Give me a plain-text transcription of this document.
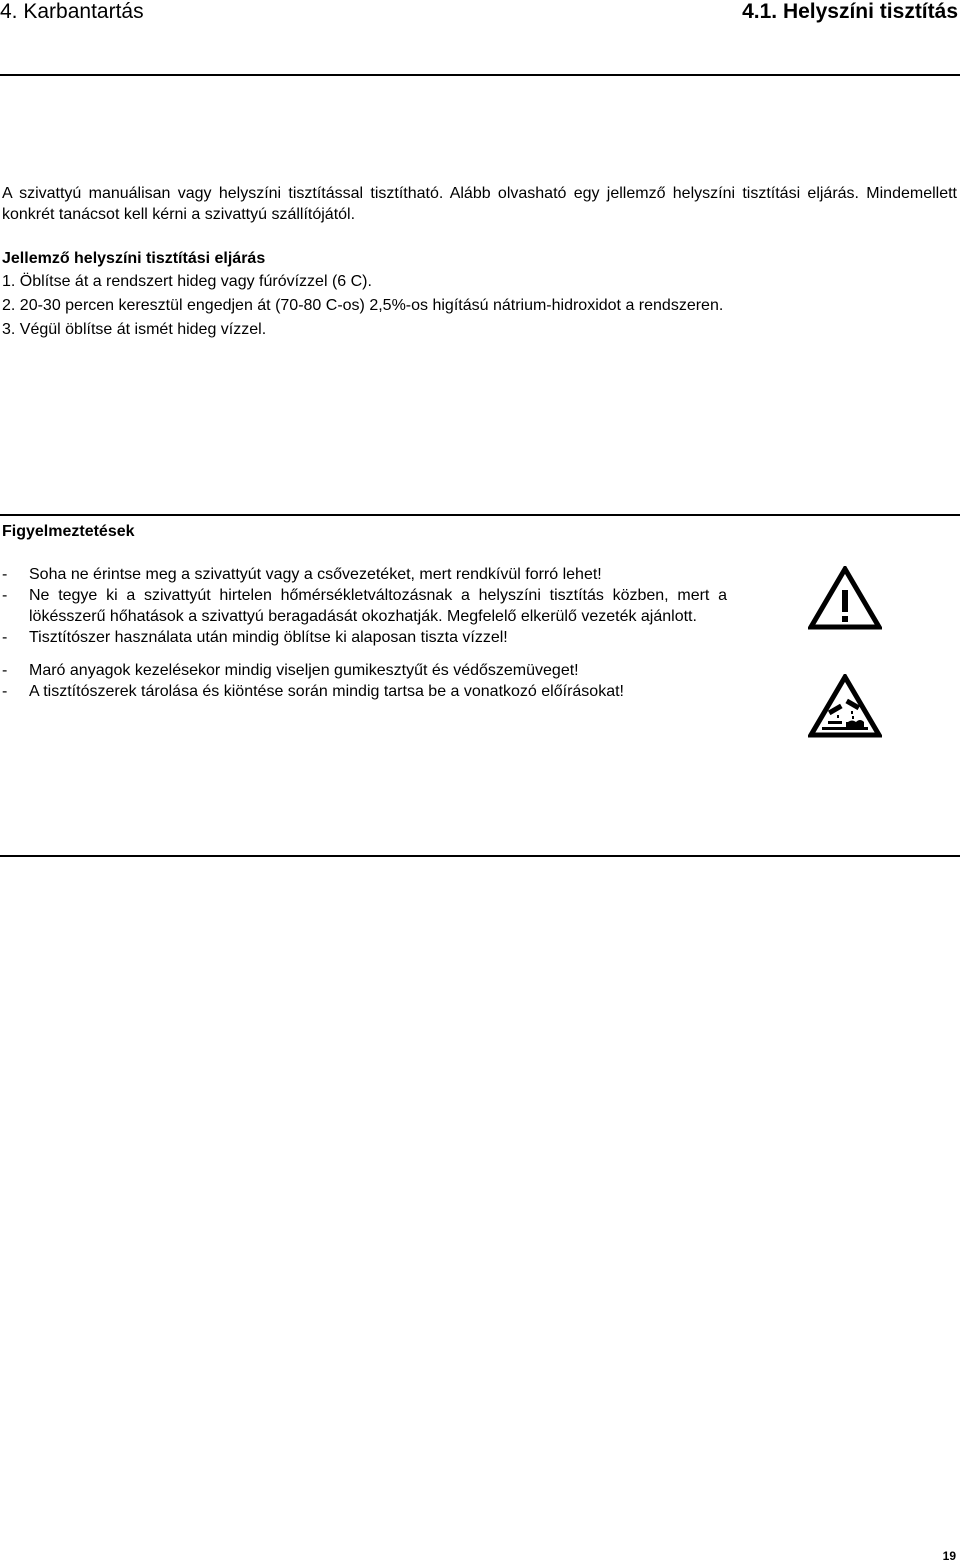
4. Karbantartás	4.1. Helyszíni tisztítás

A szivattyú manuálisan vagy helyszíni tisztítással tisztítható. Alább olvasható egy jellemző helyszíni tisztítási eljárás. Mindemellett konkrét tanácsot kell kérni a szivattyú szállítójától.

Jellemző helyszíni tisztítási eljárás

1. Öblítse át a rendszert hideg vagy fúróvízzel (6 C).
2. 20-30 percen keresztül engedjen át (70-80 C-os) 2,5%-os higítású nátrium-hidroxidot a rendszeren.
3. Végül öblítse át ismét hideg vízzel.

Figyelmeztetések

- Soha ne érintse meg a szivattyút vagy a csővezetéket, mert rendkívül forró lehet!
- Ne tegye ki a szivattyút hirtelen hőmérsékletváltozásnak a helyszíni tisztítás közben, mert a lökésszerű hőhatások a szivattyú beragadását okozhatják. Megfelelő elkerülő vezeték ajánlott.
- Tisztítószer használata után mindig öblítse ki alaposan tiszta vízzel!
- Maró anyagok kezelésekor mindig viseljen gumikesztyűt és védőszemüveget!
- A tisztítószerek tárolása és kiöntése során mindig tartsa be a vonatkozó előírásokat!
19
